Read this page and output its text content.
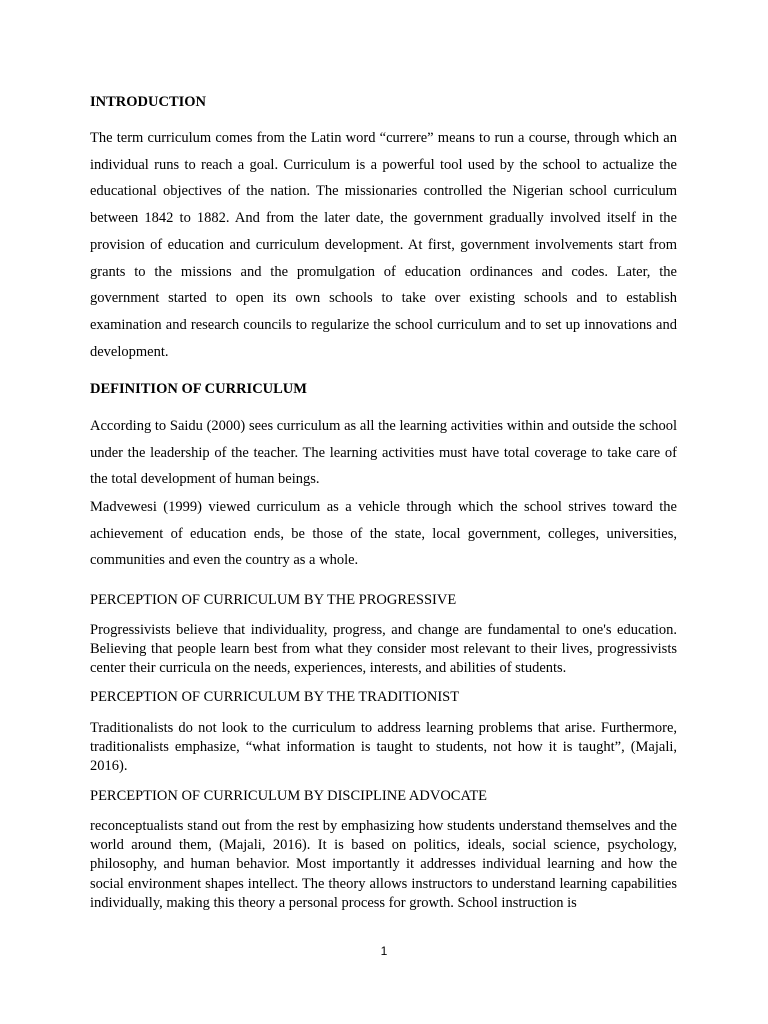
INTRODUCTION

The term curriculum comes from the Latin word “currere” means to run a course, through which an individual runs to reach a goal. Curriculum is a powerful tool used by the school to actualize the educational objectives of the nation. The missionaries controlled the Nigerian school curriculum between 1842 to 1882. And from the later date, the government gradually involved itself in the provision of education and curriculum development. At first, government involvements start from grants to the missions and the promulgation of education ordinances and codes. Later, the government started to open its own schools to take over existing schools and to establish examination and research councils to regularize the school curriculum and to set up innovations and development.

DEFINITION OF CURRICULUM

According to Saidu (2000) sees curriculum as all the learning activities within and outside the school under the leadership of the teacher. The learning activities must have total coverage to take care of the total development of human beings.

Madvewesi (1999) viewed curriculum as a vehicle through which the school strives toward the achievement of education ends, be those of the state, local government, colleges, universities, communities and even the country as a whole.

PERCEPTION OF CURRICULUM BY THE PROGRESSIVE

Progressivists believe that individuality, progress, and change are fundamental to one's education. Believing that people learn best from what they consider most relevant to their lives, progressivists center their curricula on the needs, experiences, interests, and abilities of students.

PERCEPTION OF CURRICULUM BY THE TRADITIONIST

Traditionalists do not look to the curriculum to address learning problems that arise. Furthermore, traditionalists emphasize, “what information is taught to students, not how it is taught”, (Majali, 2016).

PERCEPTION OF CURRICULUM BY DISCIPLINE ADVOCATE

reconceptualists stand out from the rest by emphasizing how students understand themselves and the world around them, (Majali, 2016). It is based on politics, ideals, social science, psychology, philosophy, and human behavior. Most importantly it addresses individual learning and how the social environment shapes intellect. The theory allows instructors to understand learning capabilities individually, making this theory a personal process for growth. School instruction is

1
